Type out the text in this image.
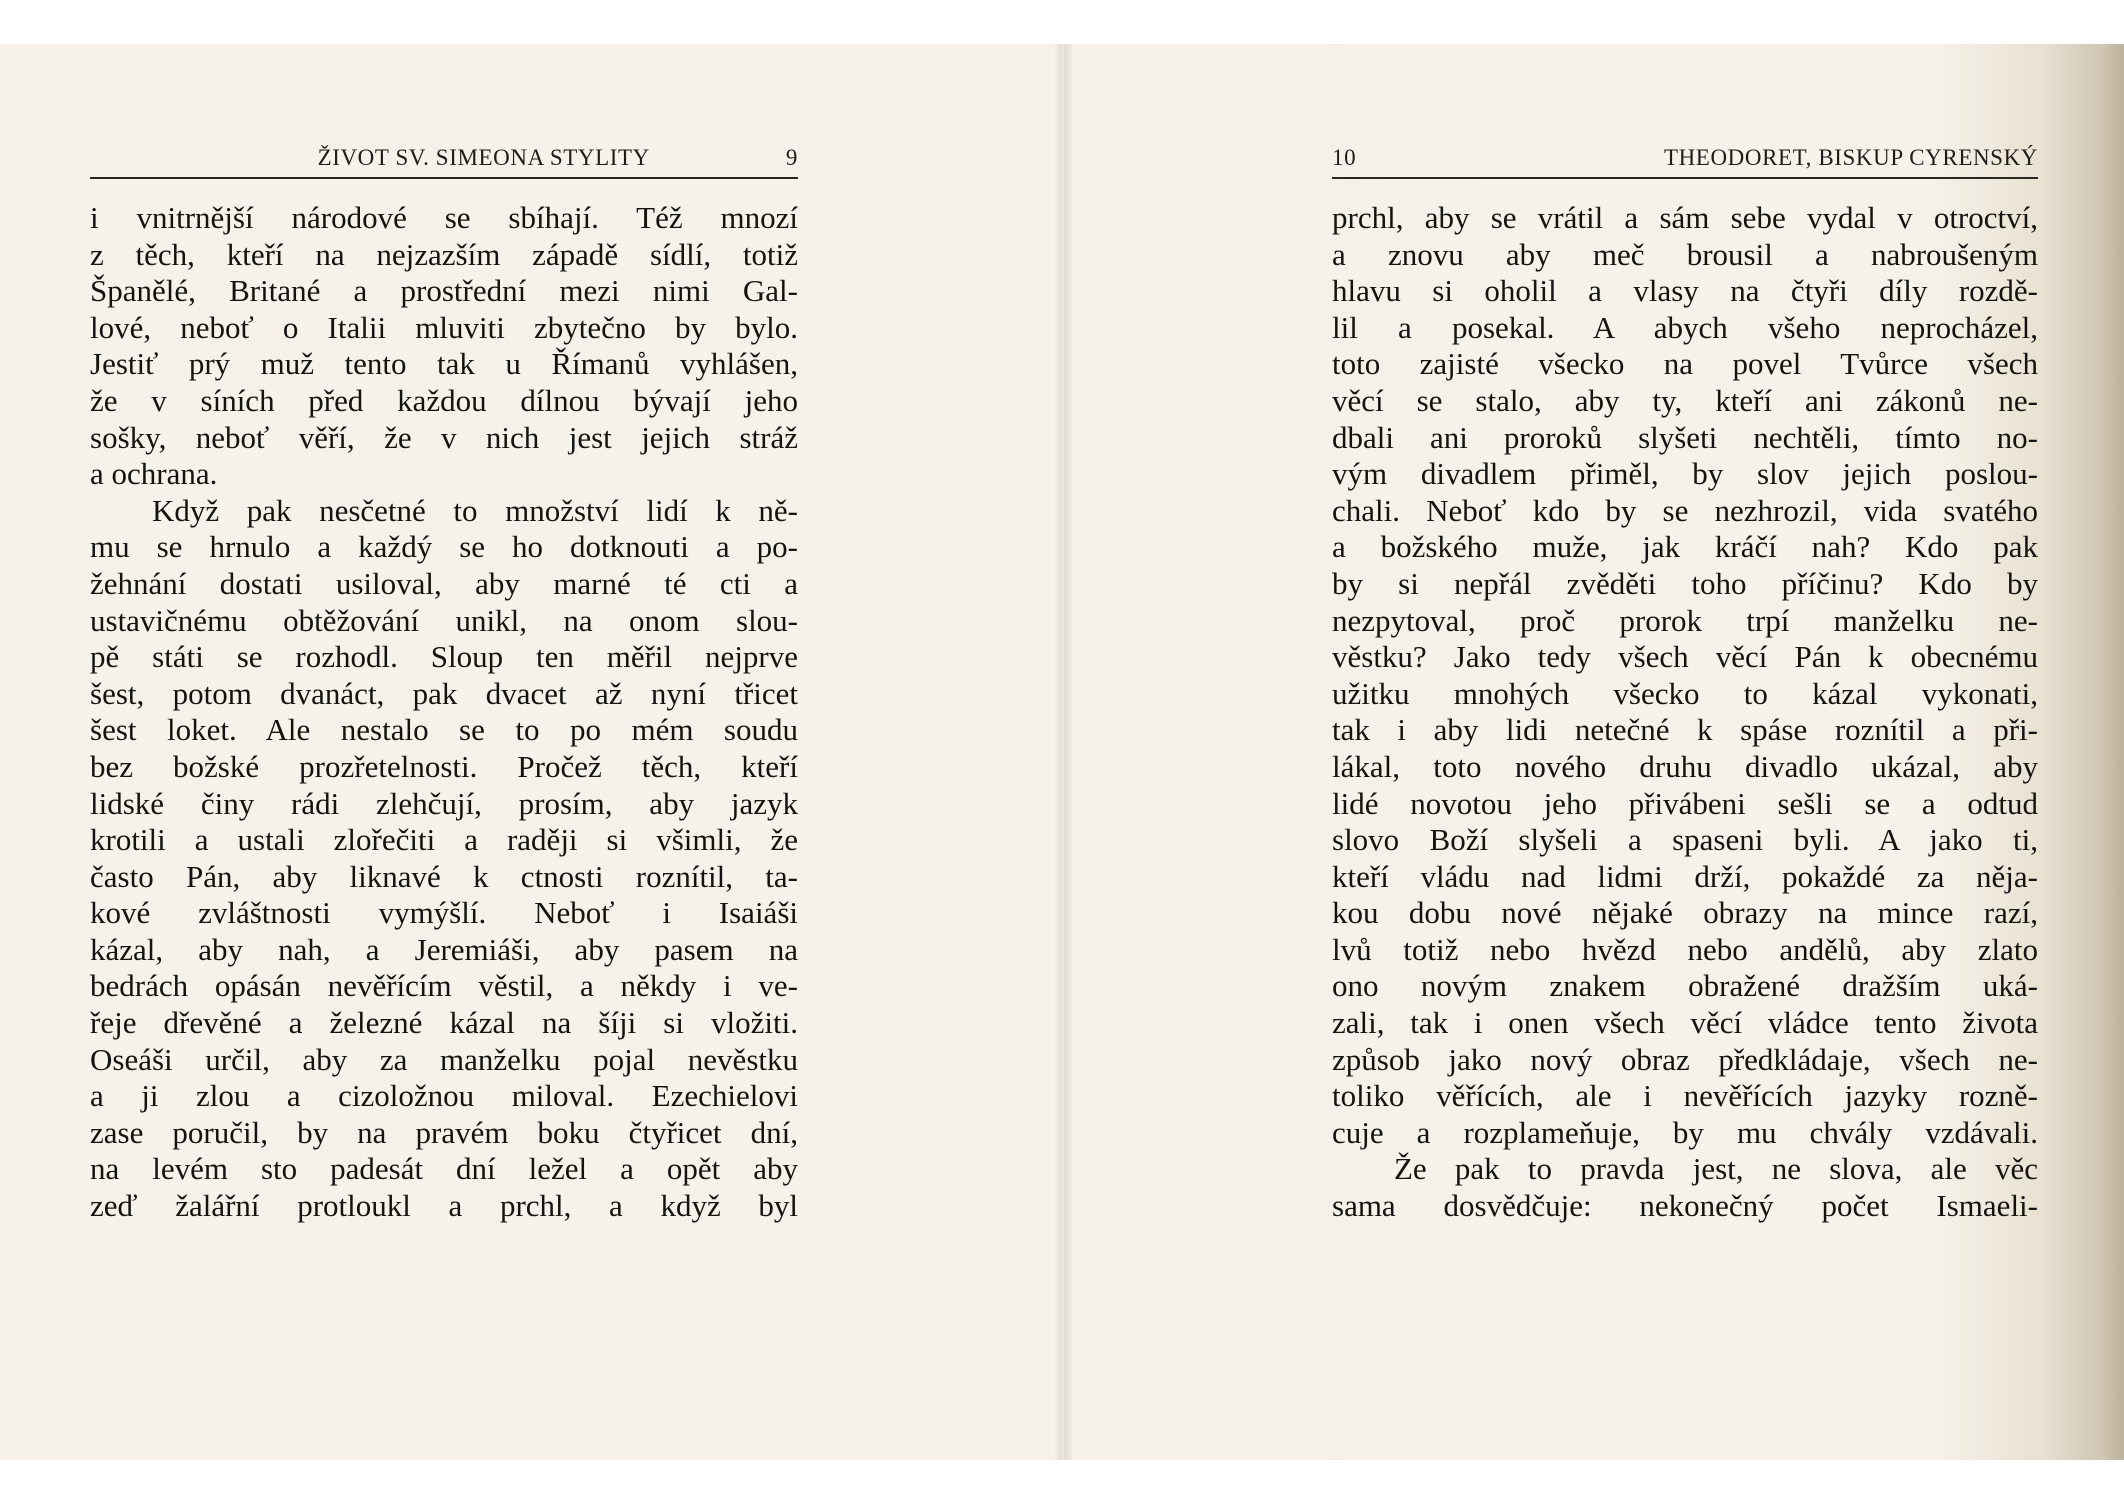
ŽIVOT SV. SIMEONA STYLITY	9
i vnitrnější národové se sbíhají. Též mnozí
z těch, kteří na nejzazším západě sídlí, totiž
Španělé, Britané a prostřední mezi nimi Gal-
lové, neboť o Italii mluviti zbytečno by bylo.
Jestiť prý muž tento tak u Římanů vyhlášen,
že v síních před každou dílnou bývají jeho
sošky, neboť věří, že v nich jest jejich stráž
a ochrana.
Když pak nesčetné to množství lidí k ně-
mu se hrnulo a každý se ho dotknouti a po-
žehnání dostati usiloval, aby marné té cti a
ustavičnému obtěžování unikl, na onom slou-
pě státi se rozhodl. Sloup ten měřil nejprve
šest, potom dvanáct, pak dvacet až nyní třicet
šest loket. Ale nestalo se to po mém soudu
bez božské prozřetelnosti. Pročež těch, kteří
lidské činy rádi zlehčují, prosím, aby jazyk
krotili a ustali zlořečiti a raději si všimli, že
často Pán, aby liknavé k ctnosti roznítil, ta-
kové zvláštnosti vymýšlí. Neboť i Isaiáši
kázal, aby nah, a Jeremiáši, aby pasem na
bedrách opásán nevěřícím věstil, a někdy i ve-
řeje dřevěné a železné kázal na šíji si vložiti.
Oseáši určil, aby za manželku pojal nevěstku
a ji zlou a cizoložnou miloval. Ezechielovi
zase poručil, by na pravém boku čtyřicet dní,
na levém sto padesát dní ležel a opět aby
zeď žalářní protloukl a prchl, a když byl
10	THEODORET, BISKUP CYRENSKÝ
prchl, aby se vrátil a sám sebe vydal v otroctví,
a znovu aby meč brousil a nabroušeným
hlavu si oholil a vlasy na čtyři díly rozdě-
lil a posekal. A abych všeho neprocházel,
toto zajisté všecko na povel Tvůrce všech
věcí se stalo, aby ty, kteří ani zákonů ne-
dbali ani proroků slyšeti nechtěli, tímto no-
vým divadlem přiměl, by slov jejich poslou-
chali. Neboť kdo by se nezhrozil, vida svatého
a božského muže, jak kráčí nah? Kdo pak
by si nepřál zvěděti toho příčinu? Kdo by
nezpytoval, proč prorok trpí manželku ne-
věstku? Jako tedy všech věcí Pán k obecnému
užitku mnohých všecko to kázal vykonati,
tak i aby lidi netečné k spáse roznítil a při-
lákal, toto nového druhu divadlo ukázal, aby
lidé novotou jeho přivábeni sešli se a odtud
slovo Boží slyšeli a spaseni byli. A jako ti,
kteří vládu nad lidmi drží, pokaždé za něja-
kou dobu nové nějaké obrazy na mince razí,
lvů totiž nebo hvězd nebo andělů, aby zlato
ono novým znakem obražené dražším uká-
zali, tak i onen všech věcí vládce tento života
způsob jako nový obraz předkládaje, všech ne-
toliko věřících, ale i nevěřících jazyky rozně-
cuje a rozplameňuje, by mu chvály vzdávali.
Že pak to pravda jest, ne slova, ale věc
sama dosvědčuje: nekonečný počet Ismaeli-
